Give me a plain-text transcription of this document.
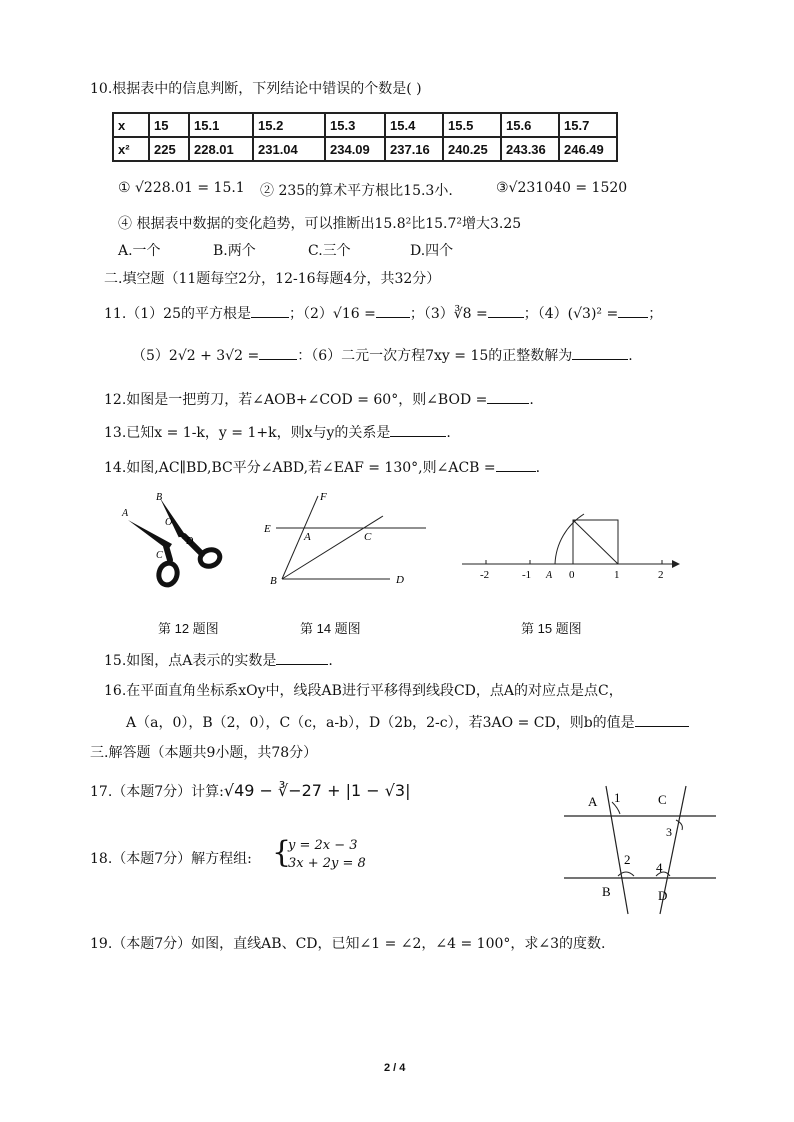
10.根据表中的信息判断，下列结论中错误的个数是( )
x	15	15.1	15.2	15.3	15.4	15.5	15.6	15.7
x²	225	228.01	231.04	234.09	237.16	240.25	243.36	246.49
① √228.01 = 15.1 ② 235的算术平方根比15.3小.	③√231040 = 1520
④ 根据表中数据的变化趋势，可以推断出15.8²比15.7²增大3.25
A.一个	B.两个	C.三个	D.四个
二.填空题（11题每空2分，12-16每题4分，共32分）
11.（1）25的平方根是	；（2）√16 = ；（3）∛8 =	；（4）(√3)² = ；
（5）2√2 + 3√2 =	：（6）二元一次方程7xy = 15的正整数解为	.
12.如图是一把剪刀，若∠AOB+∠COD = 60°，则∠BOD =	.
13.已知x = 1-k，y = 1+k，则x与y的关系是	.
14.如图,AC∥BD,BC平分∠ABD,若∠EAF = 130°,则∠ACB =	.
B
A
O
C
D
F
E
A	C
B	D	-2	-1 A 0	1	2
第 12 题图	第 14 题图	第 15 题图
15.如图，点A表示的实数是	.
16.在平面直角坐标系xOy中，线段AB进行平移得到线段CD，点A的对应点是点C，
A（a，0），B（2，0），C（c，a-b），D（2b，2-c），若3AO = CD，则b的值是
三.解答题（本题共9小题，共78分）
17.（本题7分）计算:√49 − ∛−27 + |1 − √3|
18.（本题7分）解方程组: {
y = 2x − 3
3x + 2y = 8
A 1	C
3
2
4
B	D
19.（本题7分）如图，直线AB、CD，已知∠1 = ∠2，∠4 = 100°，求∠3的度数.
2 / 4
